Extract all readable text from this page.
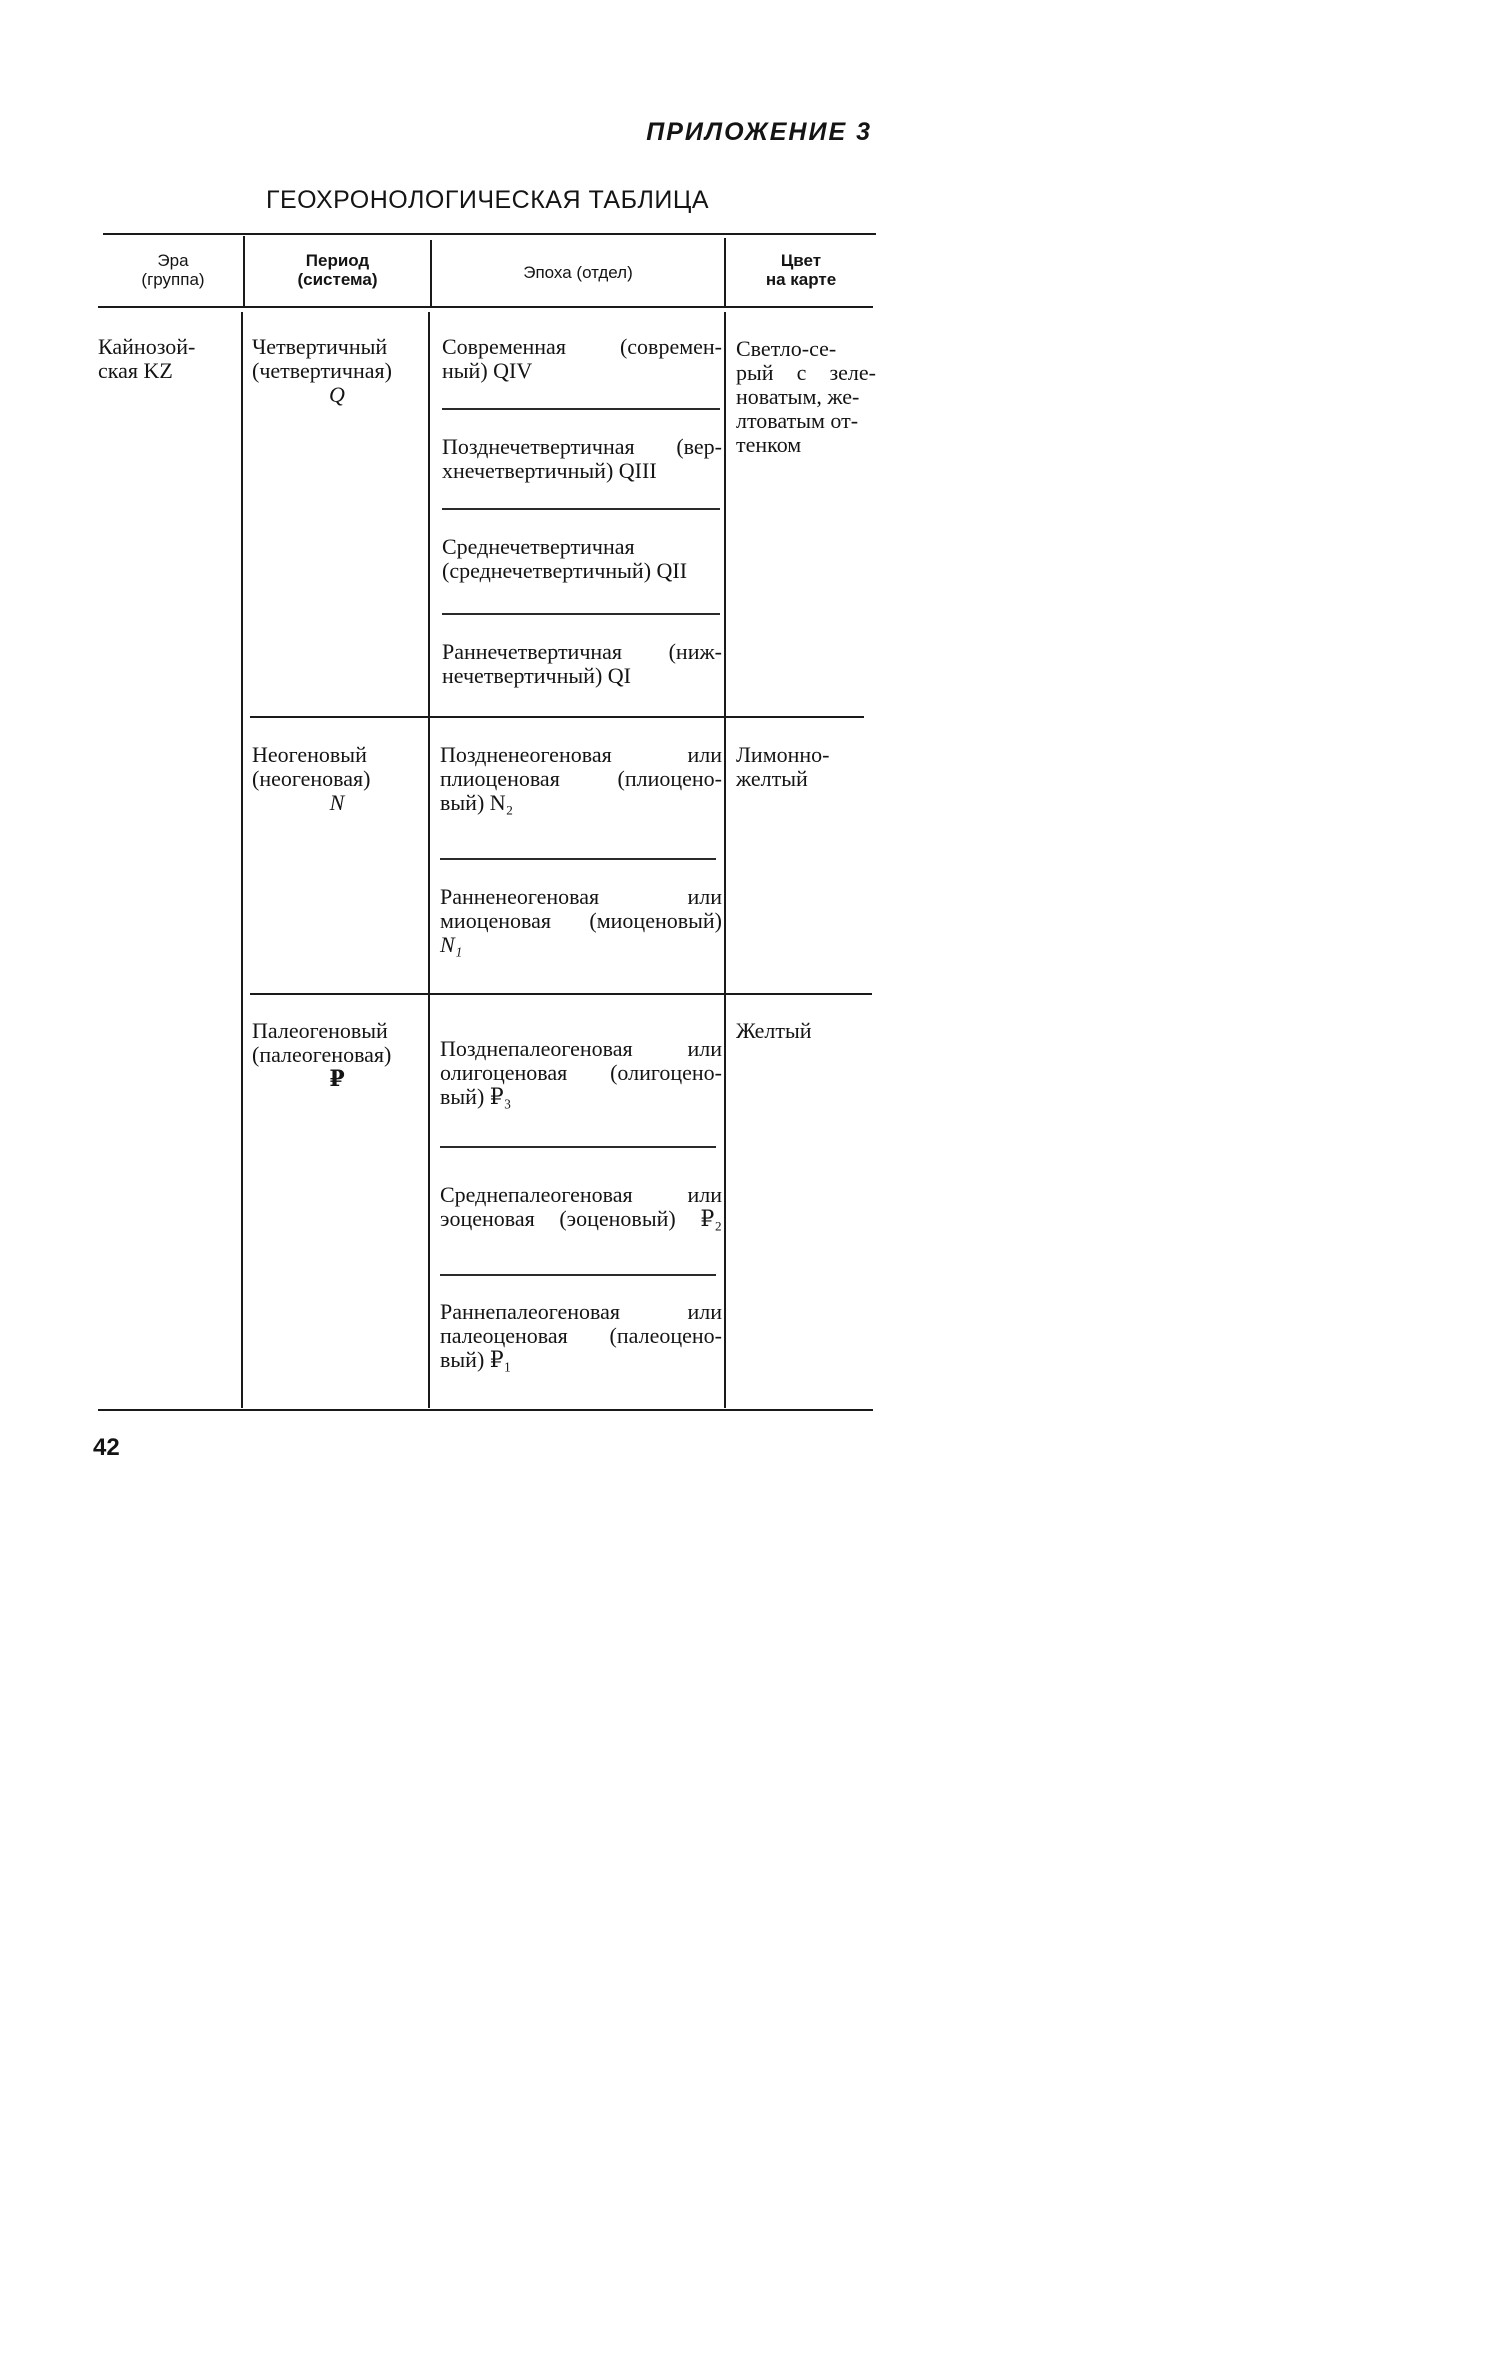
ПРИЛОЖЕНИЕ 3
ГЕОХРОНОЛОГИЧЕСКАЯ ТАБЛИЦА
Эра
(группа)
Период
(система)	Эпоха (отдел)
Цвет
на карте
Кайнозой-
ская KZ
Четвертичный
(четвертичная)
Q
Неогеновый
(неогеновая)
N
Палеогеновый
(палеогеновая)
₽
Современная (современ-
ный) QIV
Позднечетвертичная (вер-
хнечетвертичный) QIII
Среднечетвертичная
(среднечетвертичный) QII
Раннечетвертичная (ниж-
нечетвертичный) QI
Поздненеогеновая или
плиоценовая (плиоцено-
вый) N₂
Ранненеогеновая или
миоценовая (миоценовый)
N₁
Позднепалеогеновая или
олигоценовая (олигоцено-
вый) ₽₃
Среднепалеогеновая или
эоценовая (эоценовый) ₽₂
Раннепалеогеновая или
палеоценовая (палеоцено-
вый) ₽₁
Светло-се-
рый с зеле-
новатым, же-
лтоватым от-
тенком
Лимонно-
желтый
Желтый
42
